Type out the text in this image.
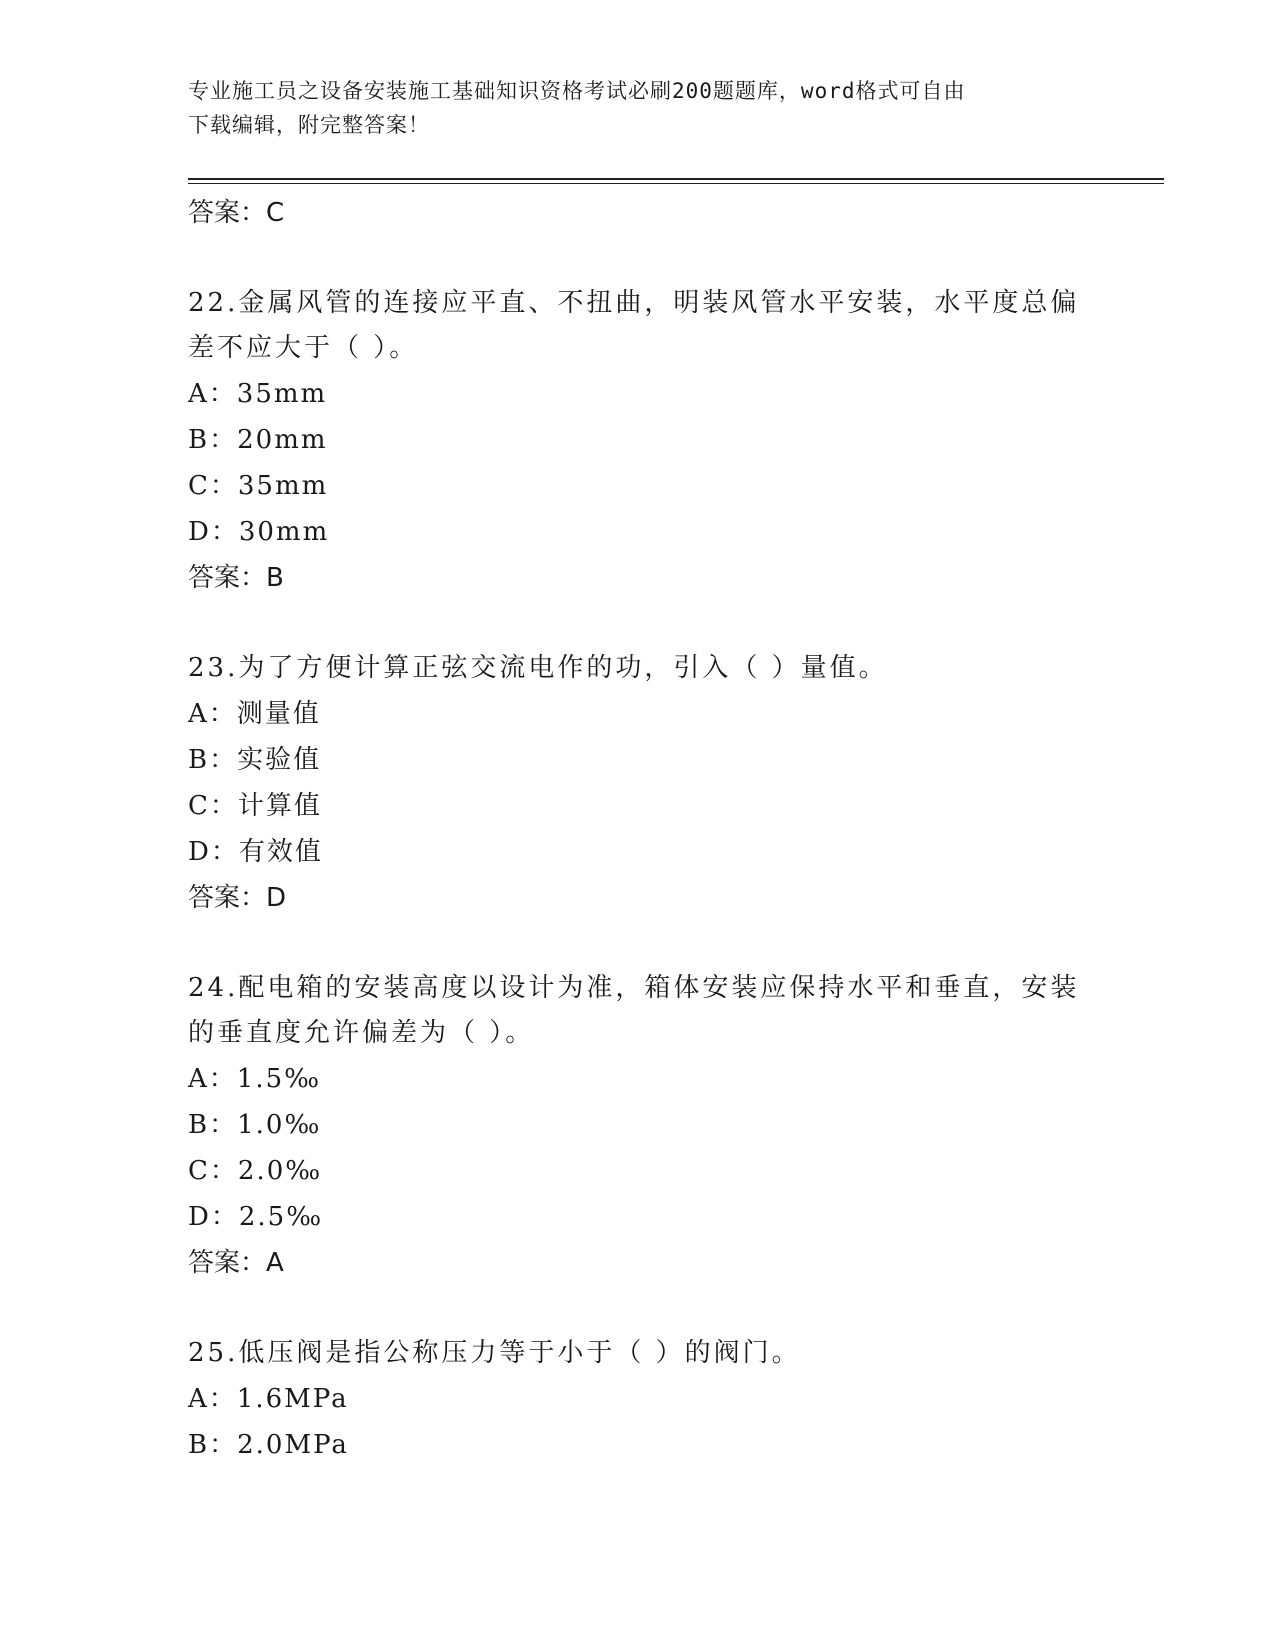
专业施工员之设备安装施工基础知识资格考试必刷200题题库，word格式可自由
下载编辑，附完整答案！
答案：C
22.金属风管的连接应平直、不扭曲，明装风管水平安装，水平度总偏
差不应大于（ ）。
A：35mm
B：20mm
C：35mm
D：30mm
答案：B
23.为了方便计算正弦交流电作的功，引入（ ）量值。
A：测量值
B：实验值
C：计算值
D：有效值
答案：D
24.配电箱的安装高度以设计为准，箱体安装应保持水平和垂直，安装
的垂直度允许偏差为（ ）。
A：1.5‰
B：1.0‰
C：2.0‰
D：2.5‰
答案：A
25.低压阀是指公称压力等于小于（ ）的阀门。
A：1.6MPa
B：2.0MPa
